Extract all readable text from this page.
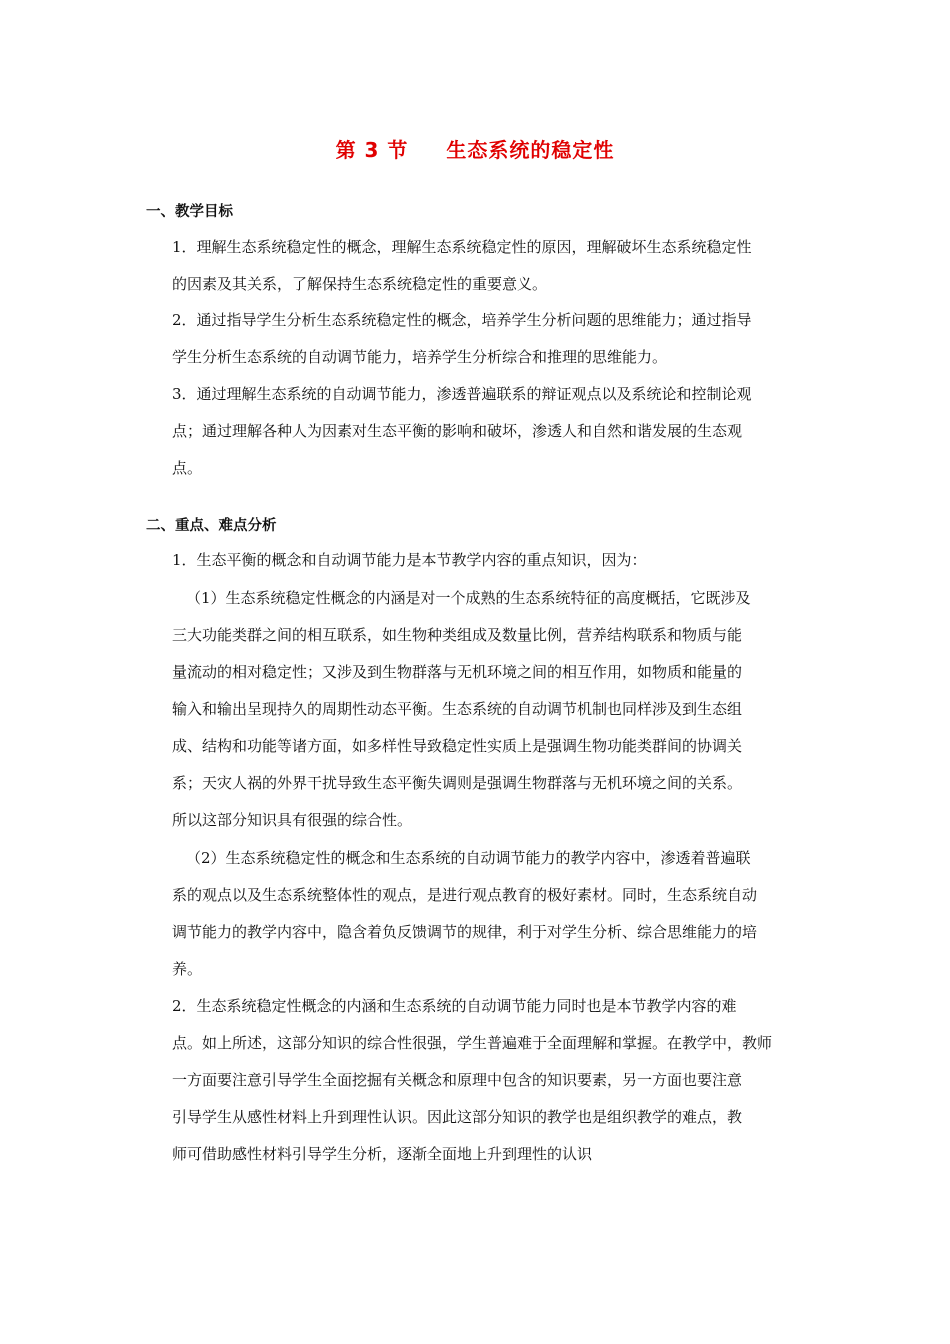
第 3 节 生态系统的稳定性
一、教学目标
1．理解生态系统稳定性的概念，理解生态系统稳定性的原因，理解破坏生态系统稳定性
的因素及其关系，了解保持生态系统稳定性的重要意义。
2．通过指导学生分析生态系统稳定性的概念，培养学生分析问题的思维能力；通过指导
学生分析生态系统的自动调节能力，培养学生分析综合和推理的思维能力。
3．通过理解生态系统的自动调节能力，渗透普遍联系的辩证观点以及系统论和控制论观
点；通过理解各种人为因素对生态平衡的影响和破坏，渗透人和自然和谐发展的生态观
点。
二、重点、难点分析
1．生态平衡的概念和自动调节能力是本节教学内容的重点知识，因为：
（1）生态系统稳定性概念的内涵是对一个成熟的生态系统特征的高度概括，它既涉及
三大功能类群之间的相互联系，如生物种类组成及数量比例，营养结构联系和物质与能
量流动的相对稳定性；又涉及到生物群落与无机环境之间的相互作用，如物质和能量的
输入和输出呈现持久的周期性动态平衡。生态系统的自动调节机制也同样涉及到生态组
成、结构和功能等诸方面，如多样性导致稳定性实质上是强调生物功能类群间的协调关
系；天灾人祸的外界干扰导致生态平衡失调则是强调生物群落与无机环境之间的关系。
所以这部分知识具有很强的综合性。
（2）生态系统稳定性的概念和生态系统的自动调节能力的教学内容中，渗透着普遍联
系的观点以及生态系统整体性的观点，是进行观点教育的极好素材。同时，生态系统自动
调节能力的教学内容中，隐含着负反馈调节的规律，利于对学生分析、综合思维能力的培
养。
2．生态系统稳定性概念的内涵和生态系统的自动调节能力同时也是本节教学内容的难
点。如上所述，这部分知识的综合性很强，学生普遍难于全面理解和掌握。在教学中，教师
一方面要注意引导学生全面挖掘有关概念和原理中包含的知识要素，另一方面也要注意
引导学生从感性材料上升到理性认识。因此这部分知识的教学也是组织教学的难点，教
师可借助感性材料引导学生分析，逐渐全面地上升到理性的认识
